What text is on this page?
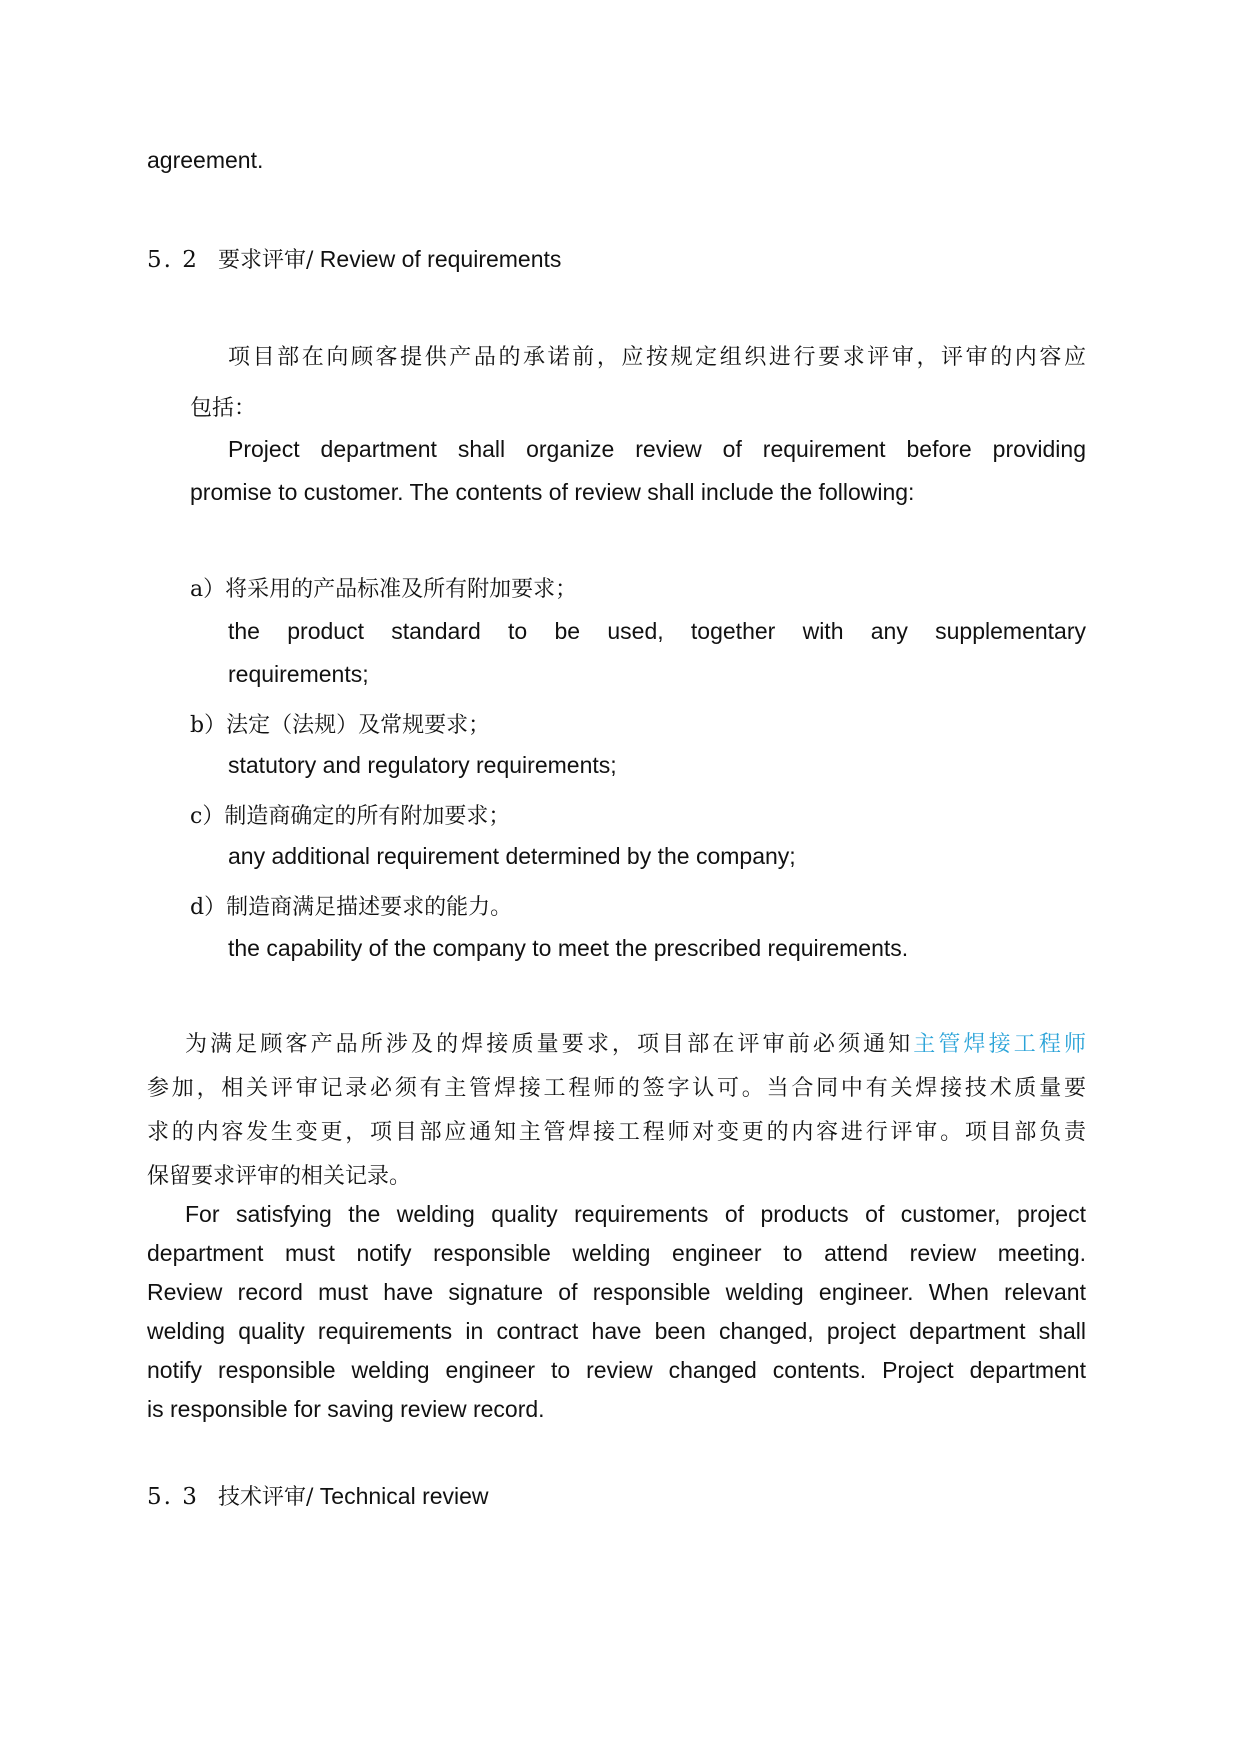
agreement.
5. 2 要求评审/ Review of requirements
项目部在向顾客提供产品的承诺前，应按规定组织进行要求评审，评审的内容应
包括：
Project department shall organize review of requirement before providing
promise to customer. The contents of review shall include the following:
a）将采用的产品标准及所有附加要求；
the product standard to be used, together with any supplementary
requirements;
b）法定（法规）及常规要求；
statutory and regulatory requirements;
c）制造商确定的所有附加要求；
any additional requirement determined by the company;
d）制造商满足描述要求的能力。
the capability of the company to meet the prescribed requirements.
为满足顾客产品所涉及的焊接质量要求，项目部在评审前必须通知主管焊接工程师
参加，相关评审记录必须有主管焊接工程师的签字认可。当合同中有关焊接技术质量要
求的内容发生变更，项目部应通知主管焊接工程师对变更的内容进行评审。项目部负责
保留要求评审的相关记录。
For satisfying the welding quality requirements of products of customer, project
department must notify responsible welding engineer to attend review meeting.
Review record must have signature of responsible welding engineer. When relevant
welding quality requirements in contract have been changed, project department shall
notify responsible welding engineer to review changed contents. Project department
is responsible for saving review record.
5. 3 技术评审/ Technical review
